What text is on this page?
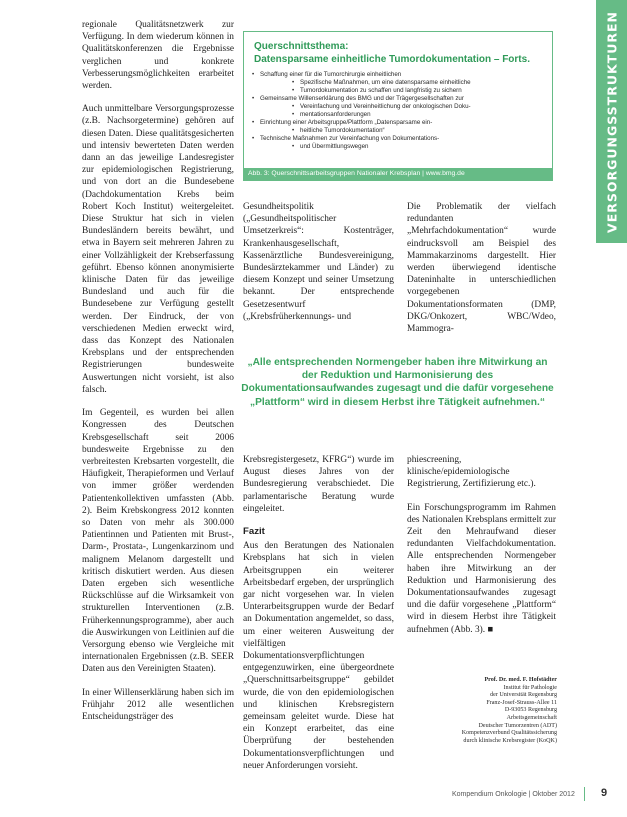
VERSORGUNGSSTRUKTUREN

regionale Qualitätsnetzwerk zur Verfügung. In dem wiederum können in Qualitätskonferenzen die Ergebnisse verglichen und konkrete Verbesserungsmöglichkeiten erarbeitet werden.

Auch unmittelbare Versorgungsprozesse (z.B. Nachsorgetermine) gehören auf diesen Daten. Diese qualitätsgesicherten und intensiv bewerteten Daten werden dann an das jeweilige Landesregister zur epidemiologischen Registrierung, und von dort an die Bundesebene (Dachdokumentation Krebs beim Robert Koch Institut) weitergeleitet. Diese Struktur hat sich in vielen Bundesländern bereits bewährt, und etwa in Bayern seit mehreren Jahren zu einer Vollzähligkeit der Krebserfassung geführt. Ebenso können anonymisierte klinische Daten für das jeweilige Bundesland und auch für die Bundesebene zur Verfügung gestellt werden. Der Eindruck, der von verschiedenen Medien erweckt wird, dass das Konzept des Nationalen Krebsplans und der entsprechenden Registrierungen bundesweite Auswertungen nicht vorsieht, ist also falsch.

Im Gegenteil, es wurden bei allen Kongressen des Deutschen Krebsgesellschaft seit 2006 bundesweite Ergebnisse zu den verbreitesten Krebsarten vorgestellt, die Häufigkeit, Therapieformen und Verlauf von immer größer werdenden Patientenkollektiven umfassten (Abb. 2). Beim Krebskongress 2012 konnten so Daten von mehr als 300.000 Patientinnen und Patienten mit Brust-, Darm-, Prostata-, Lungenkarzinom und malignem Melanom dargestellt und kritisch diskutiert werden. Aus diesen Daten ergeben sich wesentliche Rückschlüsse auf die Wirksamkeit von strukturellen Interventionen (z.B. Früherkennungsprogramme), aber auch die Auswirkungen von Leitlinien auf die Versorgung ebenso wie Vergleiche mit internationalen Ergebnissen (z.B. SEER Daten aus den Vereinigten Staaten).

In einer Willenserklärung haben sich im Frühjahr 2012 alle wesentlichen Entscheidungsträger des

Querschnittsthema:
Datensparsame einheitliche Tumordokumentation – Forts.
• Schaffung einer für die Tumorchirurgie einheitlichen
• Spezifische Maßnahmen, um eine datensparsame einheitliche
• Tumordokumentation zu schaffen und langfristig zu sichern
• Gemeinsame Willenserklärung des BMG und der Trägergesellschaften zur
• Vereinfachung und Vereinheitlichung der onkologischen Doku-
• mentationsanforderungen
• Einrichtung einer Arbeitsgruppe/Plattform „Datensparsame ein-
• heitliche Tumordokumentation“
• Technische Maßnahmen zur Vereinfachung von Dokumentations-
• und Übermittlungswegen
Abb. 3: Querschnittsarbeitsgruppen Nationaler Krebsplan | www.bmg.de

Gesundheitspolitik („Gesundheitspolitischer Umsetzerkreis“: Kostenträger, Krankenhausgesellschaft, Kassenärztliche Bundesvereinigung, Bundesärztekammer und Länder) zu diesem Konzept und seiner Umsetzung bekannt. Der entsprechende Gesetzesentwurf („Krebsfrüherkennungs- und

Die Problematik der vielfach redundanten „Mehrfachdokumentation“ wurde eindrucksvoll am Beispiel des Mammakarzinoms dargestellt. Hier werden überwiegend identische Dateninhalte in unterschiedlichen vorgegebenen Dokumentationsformaten (DMP, DKG/Onkozert, WBC/Wdeo, Mammogra-

„Alle entsprechenden Normengeber haben ihre Mitwirkung an der Reduktion und Harmonisierung des Dokumentationsaufwandes zugesagt und die dafür vorgesehene „Plattform“ wird in diesem Herbst ihre Tätigkeit aufnehmen.“

Krebsregistergesetz, KFRG“) wurde im August dieses Jahres von der Bundesregierung verabschiedet. Die parlamentarische Beratung wurde eingeleitet.

Fazit

Aus den Beratungen des Nationalen Krebsplans hat sich in vielen Arbeitsgruppen ein weiterer Arbeitsbedarf ergeben, der ursprünglich gar nicht vorgesehen war. In vielen Unterarbeitsgruppen wurde der Bedarf an Dokumentation angemeldet, so dass, um einer weiteren Ausweitung der vielfältigen Dokumentationsverpflichtungen entgegenzuwirken, eine übergeordnete „Querschnittsarbeitsgruppe“ gebildet wurde, die von den epidemiologischen und klinischen Krebsregistern gemeinsam geleitet wurde. Diese hat ein Konzept erarbeitet, das eine Überprüfung der bestehenden Dokumentationsverpflichtungen und neuer Anforderungen vorsieht.

phiescreening, klinische/epidemiologische Registrierung, Zertifizierung etc.).

Ein Forschungsprogramm im Rahmen des Nationalen Krebsplans ermittelt zur Zeit den Mehraufwand dieser redundanten Vielfachdokumentation. Alle entsprechenden Normengeber haben ihre Mitwirkung an der Reduktion und Harmonisierung des Dokumentationsaufwandes zugesagt und die dafür vorgesehene „Plattform“ wird in diesem Herbst ihre Tätigkeit aufnehmen (Abb. 3). ■

Prof. Dr. med. F. Hofstädter
Institut für Pathologie
der Universität Regensburg
Franz-Josef-Strauss-Allee 11
D-93053 Regensburg
Arbeitsgemeinschaft
Deutscher Tumorzentren (ADT)
Kompetenzverbund Qualitätssicherung
durch klinische Krebsregister (KoQK)
Kompendium Onkologie | Oktober 2012 9
